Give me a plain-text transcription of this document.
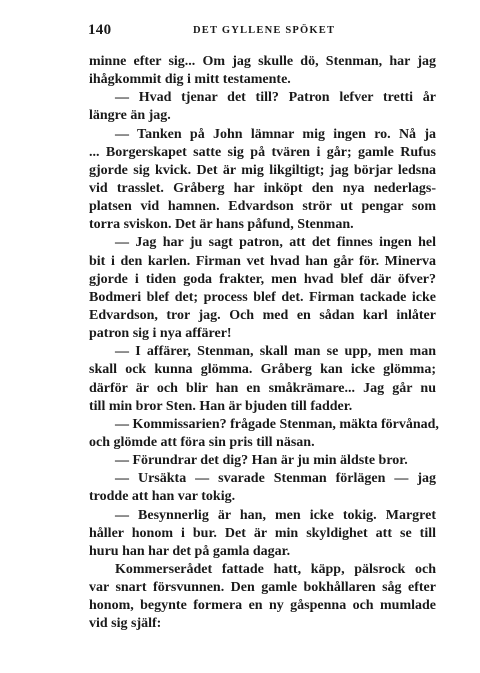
140	DET GYLLENE SPÖKET
minne efter sig... Om jag skulle dö, Stenman, har jag
ihågkommit dig i mitt testamente.
— Hvad tjenar det till? Patron lefver tretti år
längre än jag.
— Tanken på John lämnar mig ingen ro. Nå ja
... Borgerskapet satte sig på tvären i går; gamle Rufus
gjorde sig kvick. Det är mig likgiltigt; jag börjar ledsna
vid trasslet. Gråberg har inköpt den nya nederlags-
platsen vid hamnen. Edvardson strör ut pengar som
torra sviskon. Det är hans påfund, Stenman.
— Jag har ju sagt patron, att det finnes ingen hel
bit i den karlen. Firman vet hvad han går för. Minerva
gjorde i tiden goda frakter, men hvad blef där öfver?
Bodmeri blef det; process blef det. Firman tackade icke
Edvardson, tror jag. Och med en sådan karl inlåter
patron sig i nya affärer!
— I affärer, Stenman, skall man se upp, men man
skall ock kunna glömma. Gråberg kan icke glömma;
därför är och blir han en småkrämare... Jag går nu
till min bror Sten. Han är bjuden till fadder.
— Kommissarien? frågade Stenman, mäkta förvånad,
och glömde att föra sin pris till näsan.
— Förundrar det dig? Han är ju min äldste bror.
— Ursäkta — svarade Stenman förlägen — jag
trodde att han var tokig.
— Besynnerlig är han, men icke tokig. Margret
håller honom i bur. Det är min skyldighet att se till
huru han har det på gamla dagar.
Kommerserådet fattade hatt, käpp, pälsrock och
var snart försvunnen. Den gamle bokhållaren såg efter
honom, begynte formera en ny gåspenna och mumlade
vid sig själf:
